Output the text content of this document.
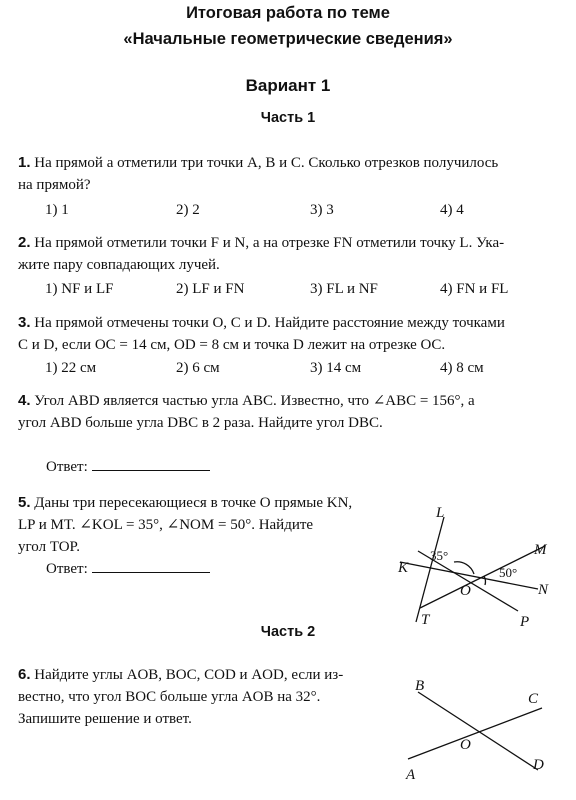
Итоговая работа по теме
«Начальные геометрические сведения»
Вариант 1
Часть 1
1. На прямой a отметили три точки A, B и C. Сколько отрезков получилось
на прямой?
1) 1	2) 2	3) 3	4) 4
2. На прямой отметили точки F и N, а на отрезке FN отметили точку L. Ука-
жите пару совпадающих лучей.
1) NF и LF	2) LF и FN	3) FL и NF	4) FN и FL
3. На прямой отмечены точки O, C и D. Найдите расстояние между точками
C и D, если OC = 14 см, OD = 8 см и точка D лежит на отрезке OC.
1) 22 см	2) 6 см	3) 14 см	4) 8 см
4. Угол ABD является частью угла ABC. Известно, что ∠ABC = 156°, а
угол ABD больше угла DBC в 2 раза. Найдите угол DBC.
Ответ:
5. Даны три пересекающиеся в точке O прямые KN,
LP и MT. ∠KOL = 35°, ∠NOM = 50°. Найдите
угол TOP.
Ответ:
L
M
K
N
O
T	P
35°
50°
Часть 2
6. Найдите углы AOB, BOC, COD и AOD, если из-
вестно, что угол BOC больше угла AOB на 32°.
Запишите решение и ответ.
B
C
A
D
O
